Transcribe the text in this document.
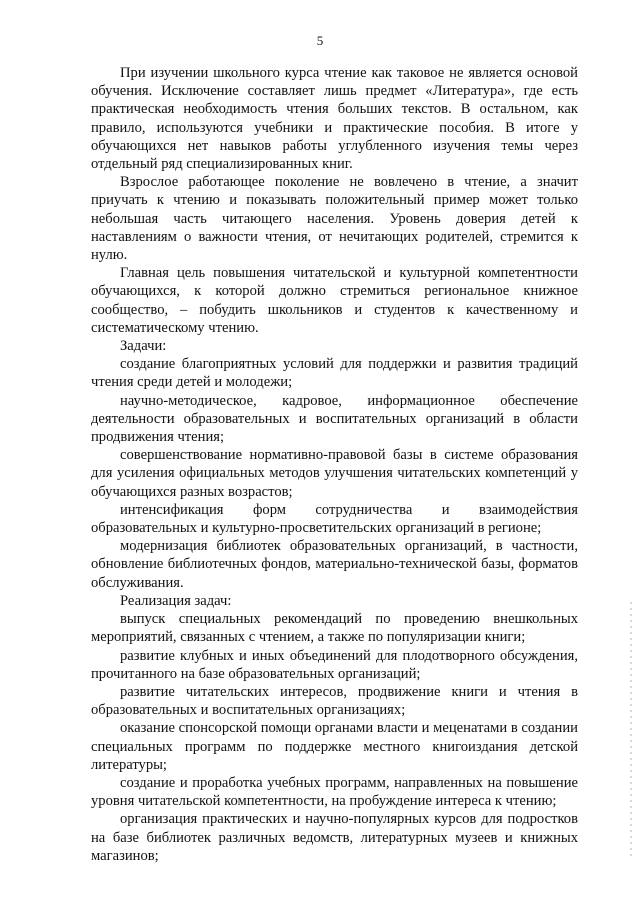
5

При изучении школьного курса чтение как таковое не является основой обучения. Исключение составляет лишь предмет «Литература», где есть практическая необходимость чтения больших текстов. В остальном, как правило, используются учебники и практические пособия. В итоге у обучающихся нет навыков работы углубленного изучения темы через отдельный ряд специализированных книг.

Взрослое работающее поколение не вовлечено в чтение, а значит приучать к чтению и показывать положительный пример может только небольшая часть читающего населения. Уровень доверия детей к наставлениям о важности чтения, от нечитающих родителей, стремится к нулю.

Главная цель повышения читательской и культурной компетентности обучающихся, к которой должно стремиться региональное книжное сообщество, – побудить школьников и студентов к качественному и систематическому чтению.

Задачи:

создание благоприятных условий для поддержки и развития традиций чтения среди детей и молодежи;

научно-методическое, кадровое, информационное обеспечение деятельности образовательных и воспитательных организаций в области продвижения чтения;

совершенствование нормативно-правовой базы в системе образования для усиления официальных методов улучшения читательских компетенций у обучающихся разных возрастов;

интенсификация форм сотрудничества и взаимодействия образовательных и культурно-просветительских организаций в регионе;

модернизация библиотек образовательных организаций, в частности, обновление библиотечных фондов, материально-технической базы, форматов обслуживания.

Реализация задач:

выпуск специальных рекомендаций по проведению внешкольных мероприятий, связанных с чтением, а также по популяризации книги;

развитие клубных и иных объединений для плодотворного обсуждения, прочитанного на базе образовательных организаций;

развитие читательских интересов, продвижение книги и чтения в образовательных и воспитательных организациях;

оказание спонсорской помощи органами власти и меценатами в создании специальных программ по поддержке местного книгоиздания детской литературы;

создание и проработка учебных программ, направленных на повышение уровня читательской компетентности, на пробуждение интереса к чтению;

организация практических и научно-популярных курсов для подростков на базе библиотек различных ведомств, литературных музеев и книжных магазинов;
